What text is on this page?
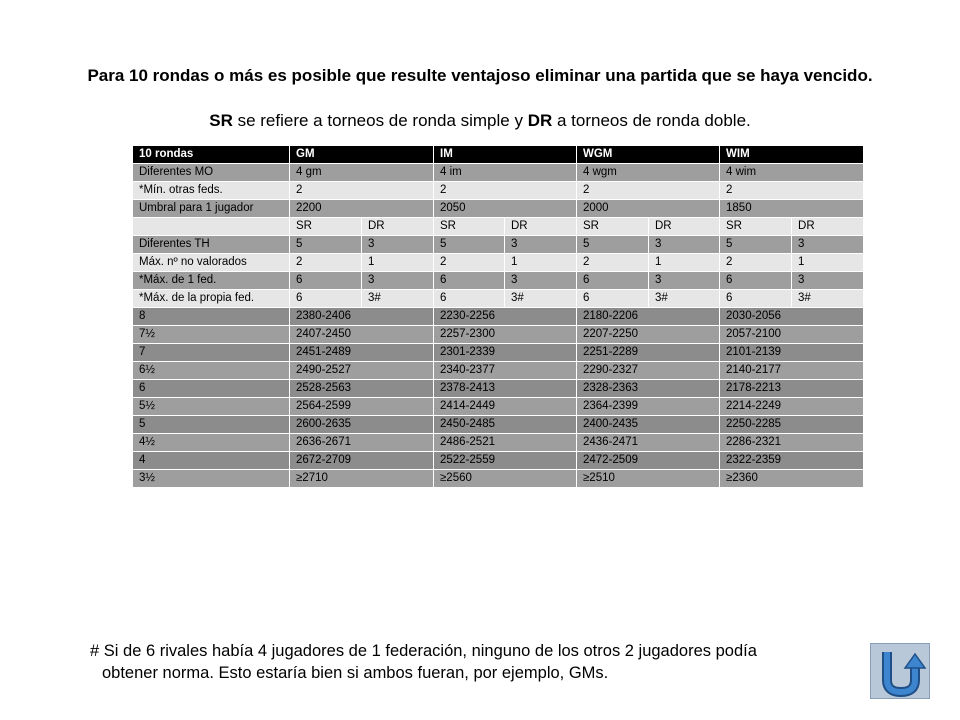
Para 10 rondas o más es posible que resulte ventajoso eliminar una partida que se haya vencido.
SR se refiere a torneos de ronda simple y DR a torneos de ronda doble.
10 rondas	GM		IM		WGM		WIM	
Diferentes MO	4 gm		4 im		4 wgm		4 wim	
*Mín. otras feds.	2		2		2		2	
Umbral para 1 jugador	2200		2050		2000		1850	
	SR	DR	SR	DR	SR	DR	SR	DR
Diferentes TH	5	3	5	3	5	3	5	3
Máx. nº no valorados	2	1	2	1	2	1	2	1
*Máx. de 1 fed.	6	3	6	3	6	3	6	3
*Máx. de la propia fed.	6	3#	6	3#	6	3#	6	3#
8	2380-2406		2230-2256		2180-2206		2030-2056	
7½	2407-2450		2257-2300		2207-2250		2057-2100	
7	2451-2489		2301-2339		2251-2289		2101-2139	
6½	2490-2527		2340-2377		2290-2327		2140-2177	
6	2528-2563		2378-2413		2328-2363		2178-2213	
5½	2564-2599		2414-2449		2364-2399		2214-2249	
5	2600-2635		2450-2485		2400-2435		2250-2285	
4½	2636-2671		2486-2521		2436-2471		2286-2321	
4	2672-2709		2522-2559		2472-2509		2322-2359	
3½	≥2710		≥2560		≥2510		≥2360	
# Si de 6 rivales había 4 jugadores de 1 federación, ninguno de los otros 2 jugadores podía
obtener norma. Esto estaría bien si ambos fueran, por ejemplo, GMs.
